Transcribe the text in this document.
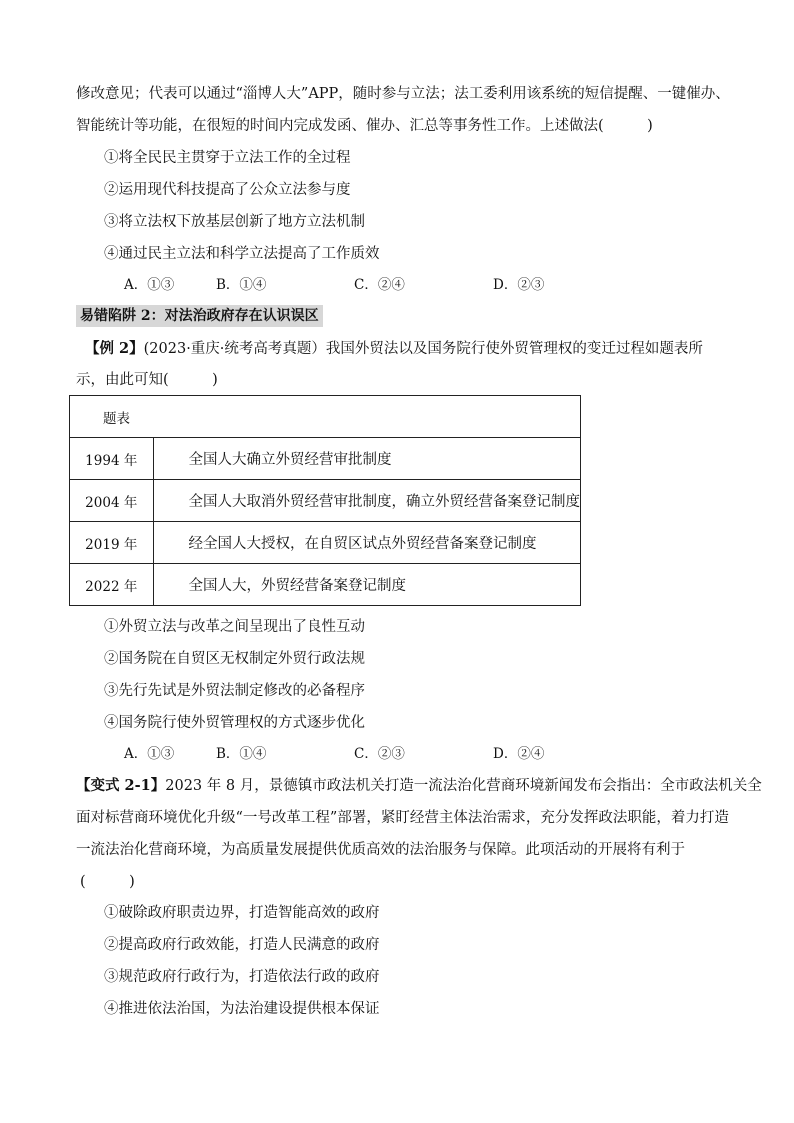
修改意见；代表可以通过“淄博人大”APP，随时参与立法；法工委利用该系统的短信提醒、一键催办、
智能统计等功能，在很短的时间内完成发函、催办、汇总等事务性工作。上述做法(　　　)
①将全民民主贯穿于立法工作的全过程
②运用现代科技提高了公众立法参与度
③将立法权下放基层创新了地方立法机制
④通过民主立法和科学立法提高了工作质效
A．①③	B．①④	C．②④	D．②③
易错陷阱 2：对法治政府存在认识误区
【例 2】(2023·重庆·统考高考真题）我国外贸法以及国务院行使外贸管理权的变迁过程如题表所
示，由此可知(　　　)
题表	
1994 年	全国人大确立外贸经营审批制度
2004 年	全国人大取消外贸经营审批制度，确立外贸经营备案登记制度
2019 年	经全国人大授权，在自贸区试点外贸经营备案登记制度
2022 年	全国人大，外贸经营备案登记制度
①外贸立法与改革之间呈现出了良性互动
②国务院在自贸区无权制定外贸行政法规
③先行先试是外贸法制定修改的必备程序
④国务院行使外贸管理权的方式逐步优化
A．①③	B．①④	C．②③	D．②④
【变式 2-1】2023 年 8 月，景德镇市政法机关打造一流法治化营商环境新闻发布会指出：全市政法机关全
面对标营商环境优化升级“一号改革工程”部署，紧盯经营主体法治需求，充分发挥政法职能，着力打造
一流法治化营商环境，为高质量发展提供优质高效的法治服务与保障。此项活动的开展将有利于
(　　　)
①破除政府职责边界，打造智能高效的政府
②提高政府行政效能，打造人民满意的政府
③规范政府行政行为，打造依法行政的政府
④推进依法治国，为法治建设提供根本保证
